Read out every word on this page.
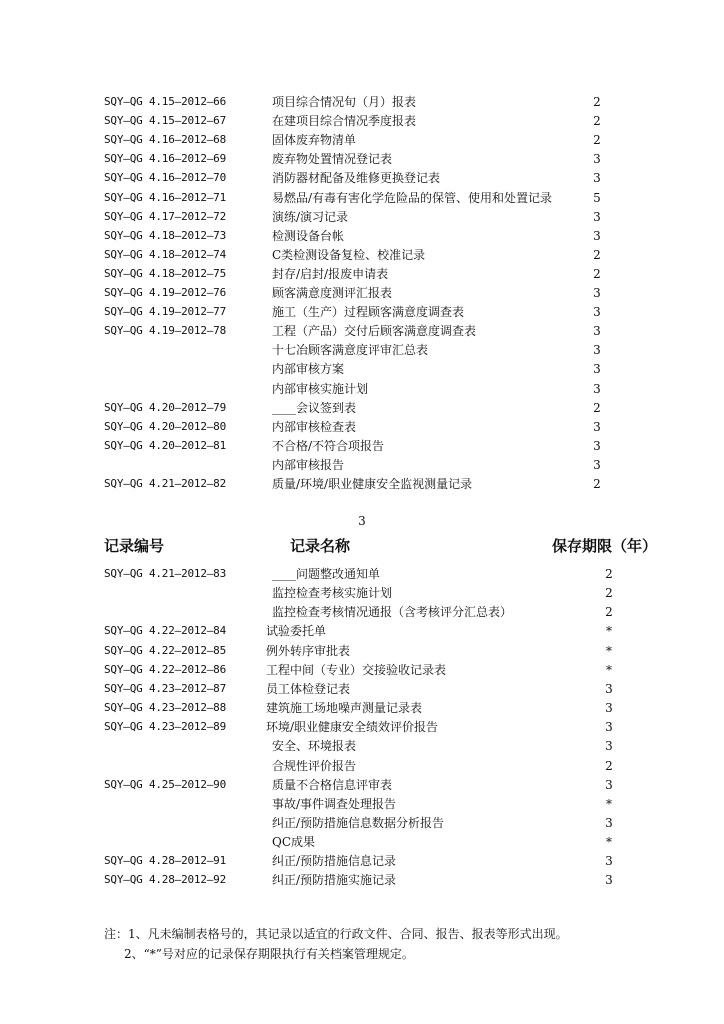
SQY—QG 4.15—2012—66	项目综合情况旬（月）报表	2
SQY—QG 4.15—2012—67	在建项目综合情况季度报表	2
SQY—QG 4.16—2012—68	固体废弃物清单	2
SQY—QG 4.16—2012—69	废弃物处置情况登记表	3
SQY—QG 4.16—2012—70	消防器材配备及维修更换登记表	3
SQY—QG 4.16—2012—71	易燃品/有毒有害化学危险品的保管、使用和处置记录	5
SQY—QG 4.17—2012—72	演练/演习记录	3
SQY—QG 4.18—2012—73	检测设备台帐	3
SQY—QG 4.18—2012—74	C类检测设备复检、校准记录	2
SQY—QG 4.18—2012—75	封存/启封/报废申请表	2
SQY—QG 4.19—2012—76	顾客满意度测评汇报表	3
SQY—QG 4.19—2012—77	施工（生产）过程顾客满意度调查表	3
SQY—QG 4.19—2012—78	工程（产品）交付后顾客满意度调查表	3
十七冶顾客满意度评审汇总表	3
内部审核方案	3
内部审核实施计划	3
SQY—QG 4.20—2012—79	____会议签到表	2
SQY—QG 4.20—2012—80	内部审核检查表	3
SQY—QG 4.20—2012—81	不合格/不符合项报告	3
内部审核报告	3
SQY—QG 4.21—2012—82	质量/环境/职业健康安全监视测量记录	2
3
记录编号	记录名称	保存期限（年）
SQY—QG 4.21—2012—83	____问题整改通知单	2
监控检查考核实施计划	2
监控检查考核情况通报（含考核评分汇总表）	2
SQY—QG 4.22—2012—84	试验委托单	*
SQY—QG 4.22—2012—85	例外转序审批表	*
SQY—QG 4.22—2012—86	工程中间（专业）交接验收记录表	*
SQY—QG 4.23—2012—87	员工体检登记表	3
SQY—QG 4.23—2012—88	建筑施工场地噪声测量记录表	3
SQY—QG 4.23—2012—89	环境/职业健康安全绩效评价报告	3
安全、环境报表	3
合规性评价报告	2
SQY—QG 4.25—2012—90	质量不合格信息评审表	3
事故/事件调查处理报告	*
纠正/预防措施信息数据分析报告	3
QC成果	*
SQY—QG 4.28—2012—91	纠正/预防措施信息记录	3
SQY—QG 4.28—2012—92	纠正/预防措施实施记录	3
注：1、凡未编制表格号的，其记录以适宜的行政文件、合同、报告、报表等形式出现。
2、“*”号对应的记录保存期限执行有关档案管理规定。
